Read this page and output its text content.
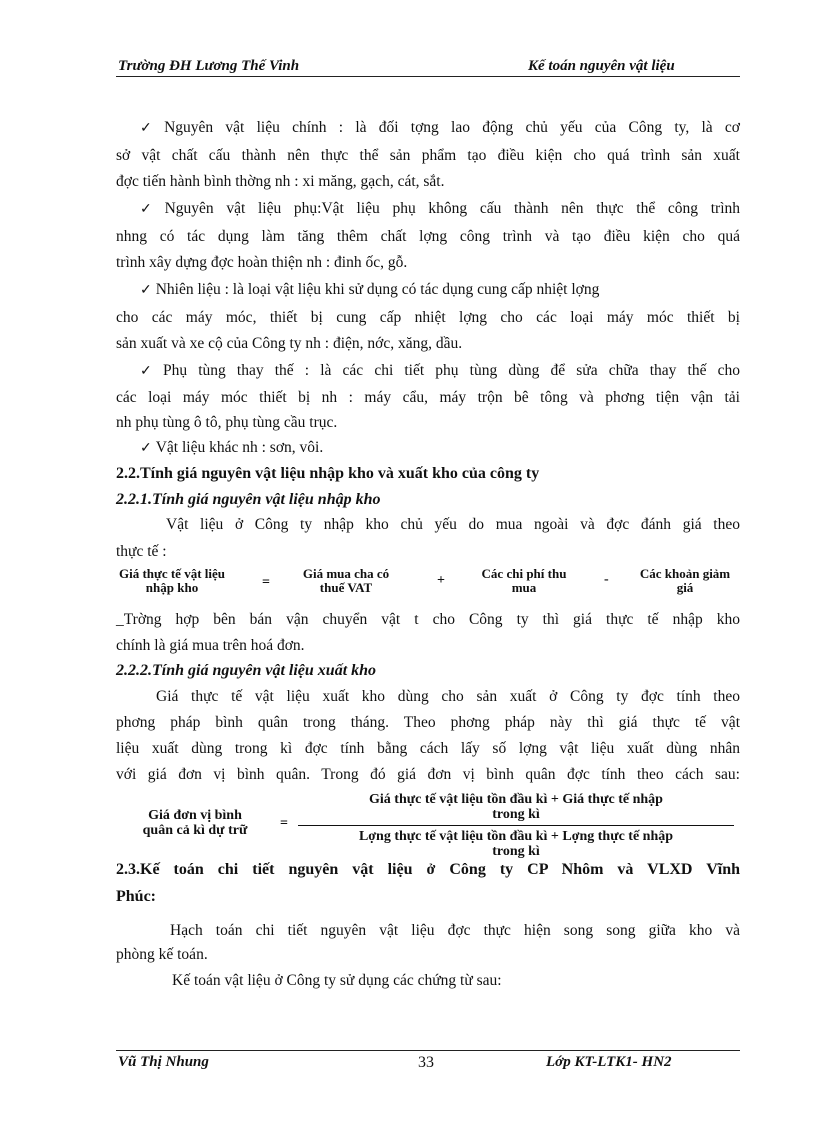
Trường ĐH Lương Thế Vinh	Kế toán nguyên vật liệu
✓ Nguyên vật liệu chính : là đối tợng lao động chủ yếu của Công ty, là cơ
sở vật chất cấu thành nên thực thể sản phẩm tạo điều kiện cho quá trình sản xuất
đợc tiến hành bình thờng nh : xi măng, gạch, cát, sắt.
✓ Nguyên vật liệu phụ:Vật liệu phụ không cấu thành nên thực thể công trình
nhng có tác dụng làm tăng thêm chất lợng công trình và tạo điều kiện cho quá
trình xây dựng đợc hoàn thiện nh : đinh ốc, gỗ.
✓ Nhiên liệu : là loại vật liệu khi sử dụng có tác dụng cung cấp nhiệt lợng
cho các máy móc, thiết bị cung cấp nhiệt lợng cho các loại máy móc thiết bị
sản xuất và xe cộ của Công ty nh : điện, nớc, xăng, dầu.
✓ Phụ tùng thay thế : là các chi tiết phụ tùng dùng để sửa chữa thay thế cho
các loại máy móc thiết bị nh : máy cẩu, máy trộn bê tông và phơng tiện vận tải
nh phụ tùng ô tô, phụ tùng cầu trục.
✓ Vật liệu khác nh : sơn, vôi.
2.2.Tính giá nguyên vật liệu nhập kho và xuất kho của công ty
2.2.1.Tính giá nguyên vật liệu nhập kho
Vật liệu ở Công ty nhập kho chủ yếu do mua ngoài và đợc đánh giá theo
thực tế :
Giá thực tế vật liệu
nhập kho	=
Giá mua cha có
thuế VAT	+	Các chi phí thu
mua
-	Các khoản giảm
giá
_Trờng hợp bên bán vận chuyển vật t cho Công ty thì giá thực tế nhập kho
chính là giá mua trên hoá đơn.
2.2.2.Tính giá nguyên vật liệu xuất kho
Giá thực tế vật liệu xuất kho dùng cho sản xuất ở Công ty đợc tính theo
phơng pháp bình quân trong tháng. Theo phơng pháp này thì giá thực tế vật
liệu xuất dùng trong kì đợc tính bằng cách lấy số lợng vật liệu xuất dùng nhân
với giá đơn vị bình quân. Trong đó giá đơn vị bình quân đợc tính theo cách sau:
Giá đơn vị bình
quân cả kì dự trữ	=
Giá thực tế vật liệu tồn đầu kì + Giá thực tế nhập
trong kì
Lợng thực tế vật liệu tồn đầu kì + Lợng thực tế nhập
trong kì
2.3.Kế toán chi tiết nguyên vật liệu ở Công ty CP Nhôm và VLXD Vĩnh
Phúc:
Hạch toán chi tiết nguyên vật liệu đợc thực hiện song song giữa kho và
phòng kế toán.
Kế toán vật liệu ở Công ty sử dụng các chứng từ sau:
Vũ Thị Nhung	33	Lớp KT-LTK1- HN2
